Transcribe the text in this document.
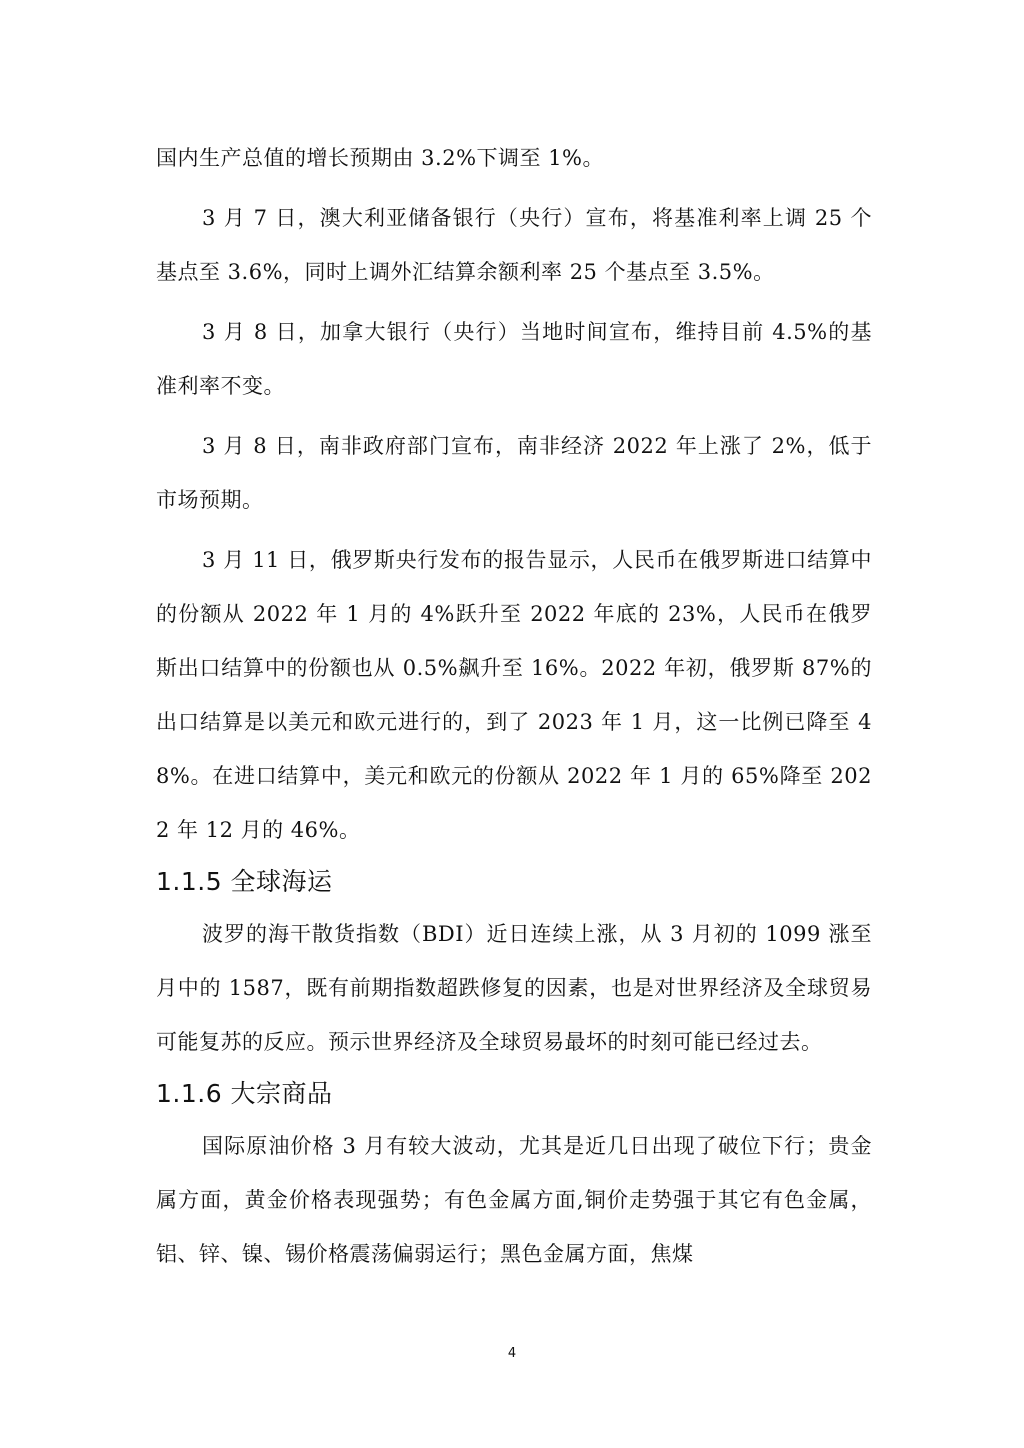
国内生产总值的增长预期由 3.2%下调至 1%。

3 月 7 日，澳大利亚储备银行（央行）宣布，将基准利率上调 25 个基点至 3.6%，同时上调外汇结算余额利率 25 个基点至 3.5%。

3 月 8 日，加拿大银行（央行）当地时间宣布，维持目前 4.5%的基准利率不变。

3 月 8 日，南非政府部门宣布，南非经济 2022 年上涨了 2%，低于市场预期。

3 月 11 日，俄罗斯央行发布的报告显示，人民币在俄罗斯进口结算中的份额从 2022 年 1 月的 4%跃升至 2022 年底的 23%，人民币在俄罗斯出口结算中的份额也从 0.5%飙升至 16%。2022 年初，俄罗斯 87%的出口结算是以美元和欧元进行的，到了 2023 年 1 月，这一比例已降至 48%。在进口结算中，美元和欧元的份额从 2022 年 1 月的 65%降至 2022 年 12 月的 46%。

1.1.5 全球海运

波罗的海干散货指数（BDI）近日连续上涨，从 3 月初的 1099 涨至月中的 1587，既有前期指数超跌修复的因素，也是对世界经济及全球贸易可能复苏的反应。预示世界经济及全球贸易最坏的时刻可能已经过去。

1.1.6 大宗商品

国际原油价格 3 月有较大波动，尤其是近几日出现了破位下行；贵金属方面，黄金价格表现强势；有色金属方面,铜价走势强于其它有色金属，铝、锌、镍、锡价格震荡偏弱运行；黑色金属方面，焦煤

4
